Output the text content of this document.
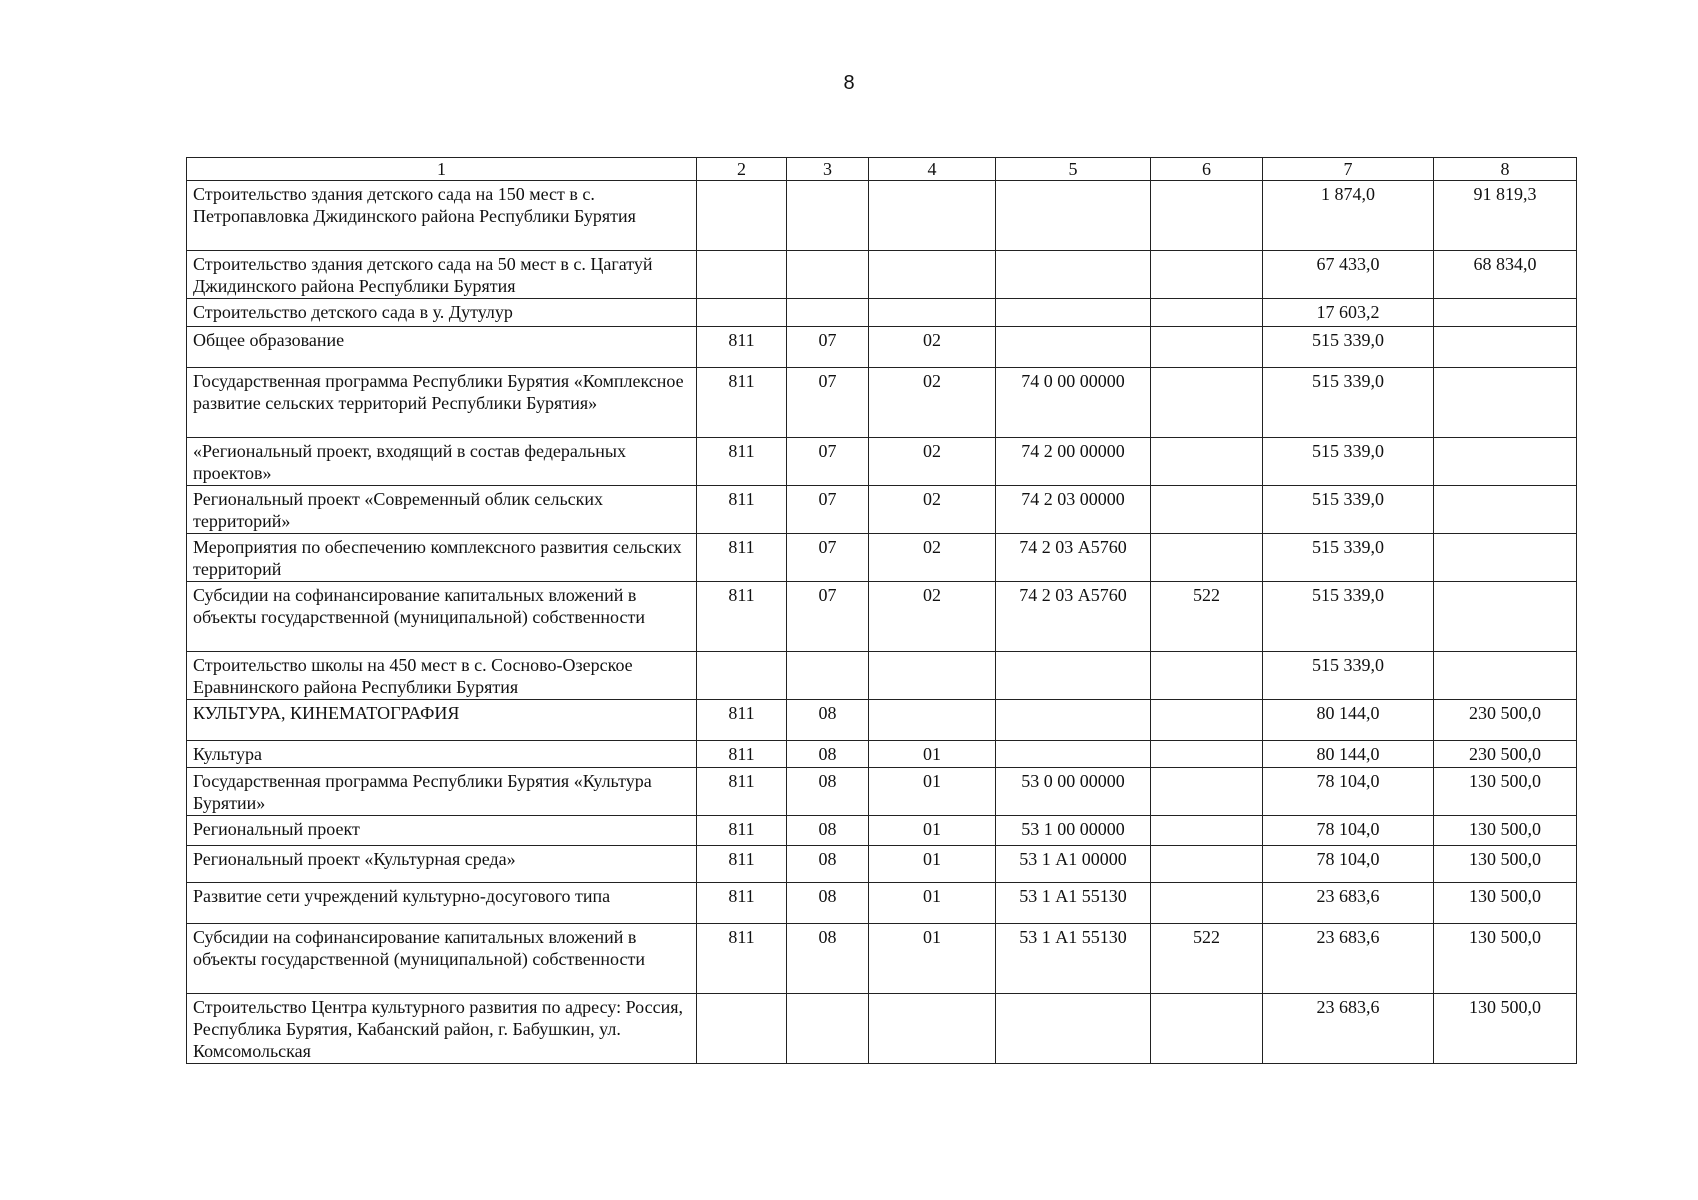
8
1	2	3	4	5	6	7	8
Строительство здания детского сада на 150 мест в с. Петропавловка Джидинского района Республики Бурятия						1 874,0	91 819,3
Строительство здания детского сада на 50 мест в с. Цагатуй Джидинского района Республики Бурятия						67 433,0	68 834,0
Строительство детского сада в у. Дутулур						17 603,2	
Общее образование	811	07	02			515 339,0	
Государственная программа Республики Бурятия «Комплексное развитие сельских территорий Республики Бурятия»	811	07	02	74 0 00 00000		515 339,0	
«Региональный проект, входящий в состав федеральных проектов»	811	07	02	74 2 00 00000		515 339,0	
Региональный проект «Современный облик сельских территорий»	811	07	02	74 2 03 00000		515 339,0	
Мероприятия по обеспечению комплексного развития сельских территорий	811	07	02	74 2 03 А5760		515 339,0	
Субсидии на софинансирование капитальных вложений в объекты государственной (муниципальной) собственности	811	07	02	74 2 03 А5760	522	515 339,0	
Строительство школы на 450 мест в с. Сосново-Озерское Еравнинского района Республики Бурятия						515 339,0	
КУЛЬТУРА, КИНЕМАТОГРАФИЯ	811	08				80 144,0	230 500,0
Культура	811	08	01			80 144,0	230 500,0
Государственная программа Республики Бурятия «Культура Бурятии»	811	08	01	53 0 00 00000		78 104,0	130 500,0
Региональный проект	811	08	01	53 1 00 00000		78 104,0	130 500,0
Региональный проект «Культурная среда»	811	08	01	53 1 А1 00000		78 104,0	130 500,0
Развитие сети учреждений культурно-досугового типа	811	08	01	53 1 А1 55130		23 683,6	130 500,0
Субсидии на софинансирование капитальных вложений в объекты государственной (муниципальной) собственности	811	08	01	53 1 А1 55130	522	23 683,6	130 500,0
Строительство Центра культурного развития по адресу: Россия, Республика Бурятия, Кабанский район, г. Бабушкин, ул. Комсомольская						23 683,6	130 500,0
